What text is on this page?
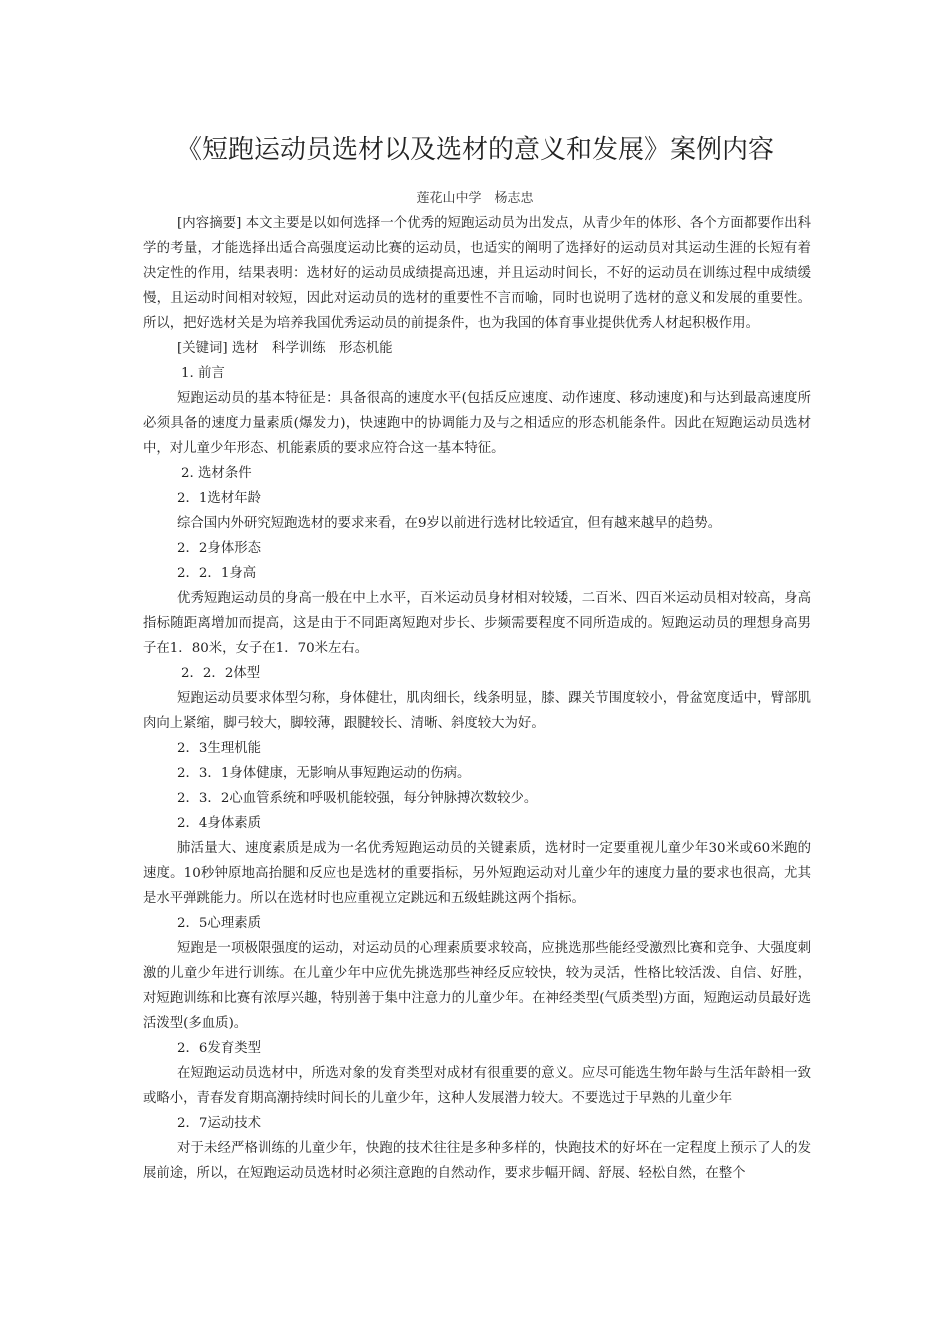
《短跑运动员选材以及选材的意义和发展》案例内容
莲花山中学　杨志忠

[内容摘要] 本文主要是以如何选择一个优秀的短跑运动员为出发点，从青少年的体形、各个方面都要作出科学的考量，才能选择出适合高强度运动比赛的运动员，也适实的阐明了选择好的运动员对其运动生涯的长短有着决定性的作用，结果表明：选材好的运动员成绩提高迅速，并且运动时间长，不好的运动员在训练过程中成绩缓慢，且运动时间相对较短，因此对运动员的选材的重要性不言而喻，同时也说明了选材的意义和发展的重要性。所以，把好选材关是为培养我国优秀运动员的前提条件，也为我国的体育事业提供优秀人材起积极作用。

[关键词] 选材　科学训练　形态机能

1. 前言

短跑运动员的基本特征是：具备很高的速度水平(包括反应速度、动作速度、移动速度)和与达到最高速度所必须具备的速度力量素质(爆发力)，快速跑中的协调能力及与之相适应的形态机能条件。因此在短跑运动员选材中，对儿童少年形态、机能素质的要求应符合这一基本特征。

2. 选材条件

2．1选材年龄

综合国内外研究短跑选材的要求来看，在9岁以前进行选材比较适宜，但有越来越早的趋势。

2．2身体形态

2．2．1身高

优秀短跑运动员的身高一般在中上水平，百米运动员身材相对较矮，二百米、四百米运动员相对较高，身高指标随距离增加而提高，这是由于不同距离短跑对步长、步频需要程度不同所造成的。短跑运动员的理想身高男子在1．80米，女子在1．70米左右。

2．2．2体型

短跑运动员要求体型匀称，身体健壮，肌肉细长，线条明显，膝、踝关节围度较小，骨盆宽度适中，臂部肌肉向上紧缩，脚弓较大，脚较薄，跟腱较长、清晰、斜度较大为好。

2．3生理机能

2．3．1身体健康，无影响从事短跑运动的伤病。

2．3．2心血管系统和呼吸机能较强，每分钟脉搏次数较少。

2．4身体素质

肺活量大、速度素质是成为一名优秀短跑运动员的关键素质，选材时一定要重视儿童少年30米或60米跑的速度。10秒钟原地高抬腿和反应也是选材的重要指标，另外短跑运动对儿童少年的速度力量的要求也很高，尤其是水平弹跳能力。所以在选材时也应重视立定跳远和五级蛙跳这两个指标。

2．5心理素质

短跑是一项极限强度的运动，对运动员的心理素质要求较高，应挑选那些能经受激烈比赛和竞争、大强度刺激的儿童少年进行训练。在儿童少年中应优先挑选那些神经反应较快，较为灵活，性格比较活泼、自信、好胜，对短跑训练和比赛有浓厚兴趣，特别善于集中注意力的儿童少年。在神经类型(气质类型)方面，短跑运动员最好选活泼型(多血质)。

2．6发育类型

在短跑运动员选材中，所选对象的发育类型对成材有很重要的意义。应尽可能选生物年龄与生活年龄相一致或略小，青春发育期高潮持续时间长的儿童少年，这种人发展潜力较大。不要选过于早熟的儿童少年

2．7运动技术

对于未经严格训练的儿童少年，快跑的技术往往是多种多样的，快跑技术的好坏在一定程度上预示了人的发展前途，所以，在短跑运动员选材时必须注意跑的自然动作，要求步幅开阔、舒展、轻松自然，在整个
